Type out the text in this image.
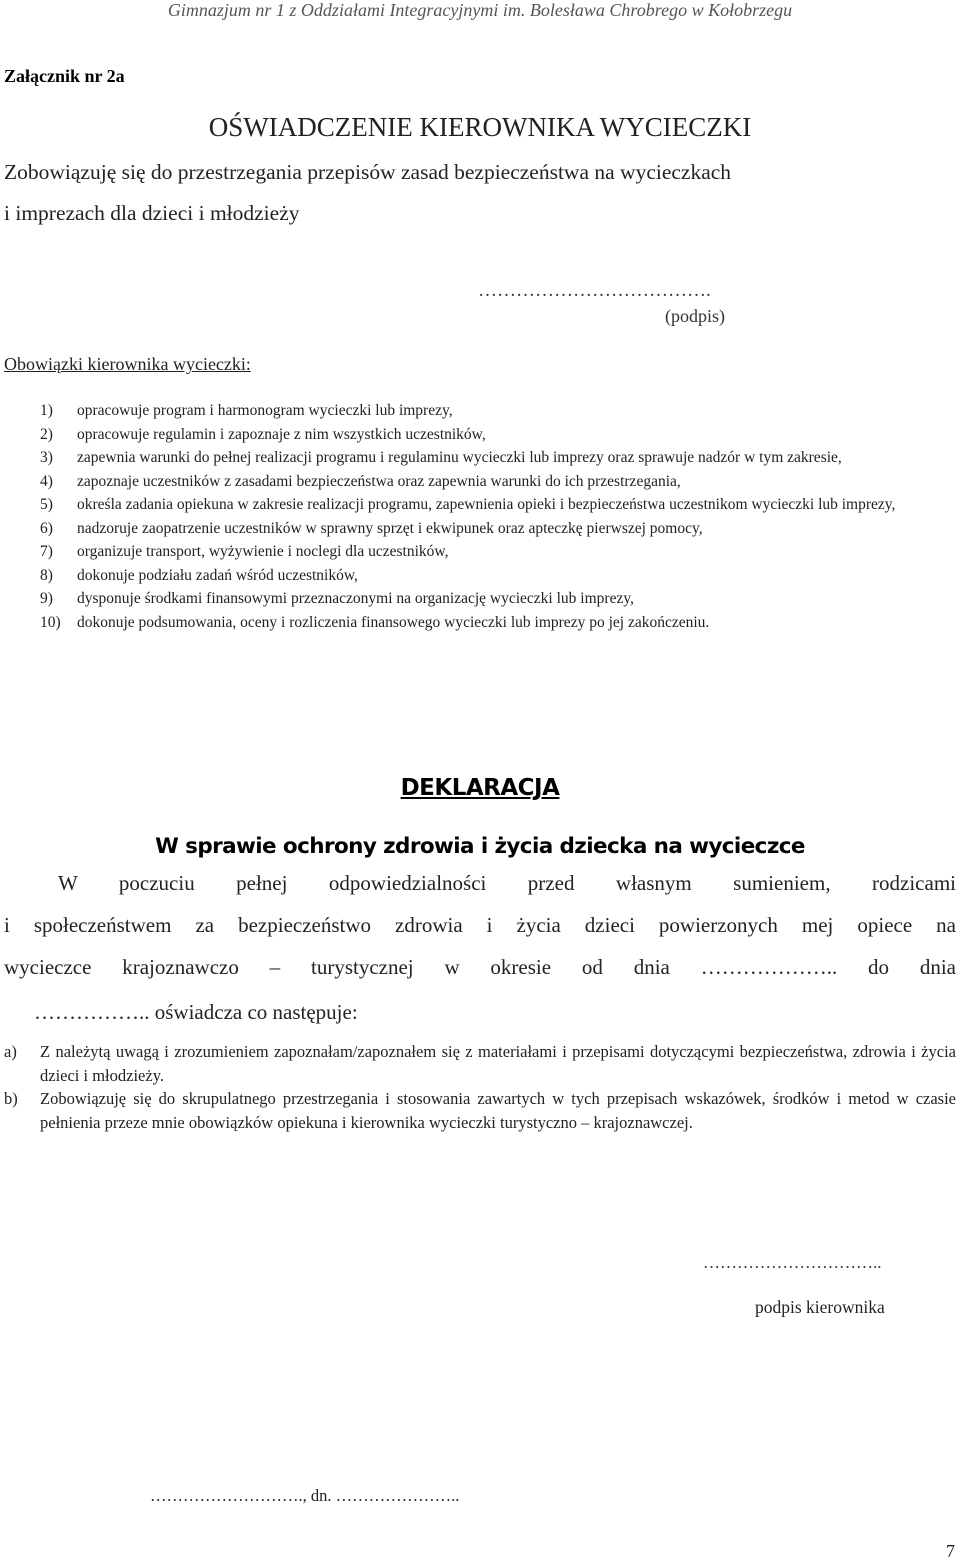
Gimnazjum nr 1 z Oddziałami Integracyjnymi im. Bolesława Chrobrego w Kołobrzegu
Załącznik nr 2a
OŚWIADCZENIE KIEROWNIKA WYCIECZKI
Zobowiązuję się do przestrzegania przepisów zasad bezpieczeństwa na wycieczkach
i imprezach dla dzieci i młodzieży
……………………………….
(podpis)
Obowiązki kierownika wycieczki:
1) opracowuje program i harmonogram wycieczki lub imprezy,
2) opracowuje regulamin i zapoznaje z nim wszystkich uczestników,
3) zapewnia warunki do pełnej realizacji programu i regulaminu wycieczki lub imprezy oraz sprawuje nadzór w tym zakresie,
4) zapoznaje uczestników z zasadami bezpieczeństwa oraz zapewnia warunki do ich przestrzegania,
5) określa zadania opiekuna w zakresie realizacji programu, zapewnienia opieki i bezpieczeństwa uczestnikom wycieczki lub imprezy,
6) nadzoruje zaopatrzenie uczestników w sprawny sprzęt i ekwipunek oraz apteczkę pierwszej pomocy,
7) organizuje transport, wyżywienie i noclegi dla uczestników,
8) dokonuje podziału zadań wśród uczestników,
9) dysponuje środkami finansowymi przeznaczonymi na organizację wycieczki lub imprezy,
10) dokonuje podsumowania, oceny i rozliczenia finansowego wycieczki lub imprezy po jej zakończeniu.
DEKLARACJA
W sprawie ochrony zdrowia i życia dziecka na wycieczce
W poczuciu pełnej odpowiedzialności przed własnym sumieniem, rodzicami
i społeczeństwem za bezpieczeństwo zdrowia i życia dzieci powierzonych mej opiece na
wycieczce krajoznawczo – turystycznej w okresie od dnia ……………….. do dnia
…………….. oświadcza co następuje:
a) Z należytą uwagą i zrozumieniem zapoznałam/zapoznałem się z materiałami i przepisami dotyczącymi bezpieczeństwa, zdrowia i życia dzieci i młodzieży.
b) Zobowiązuję się do skrupulatnego przestrzegania i stosowania zawartych w tych przepisach wskazówek, środków i metod w czasie pełnienia przeze mnie obowiązków opiekuna i kierownika wycieczki turystyczno – krajoznawczej.
…………………………..
podpis kierownika
………………………., dn. …………………..
7
